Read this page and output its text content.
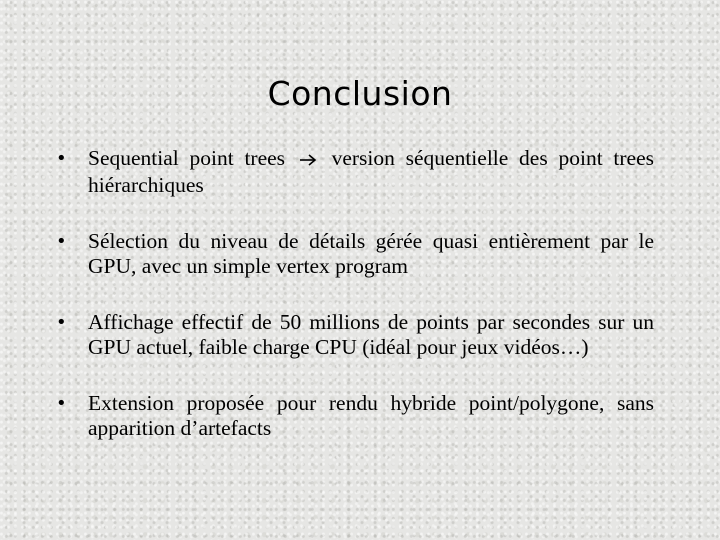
Conclusion
• Sequential point trees version séquentielle des point trees hiérarchiques
• Sélection du niveau de détails gérée quasi entièrement par le GPU, avec un simple vertex program
• Affichage effectif de 50 millions de points par secondes sur un GPU actuel, faible charge CPU (idéal pour jeux vidéos…)
• Extension proposée pour rendu hybride point/polygone, sans apparition d’artefacts
